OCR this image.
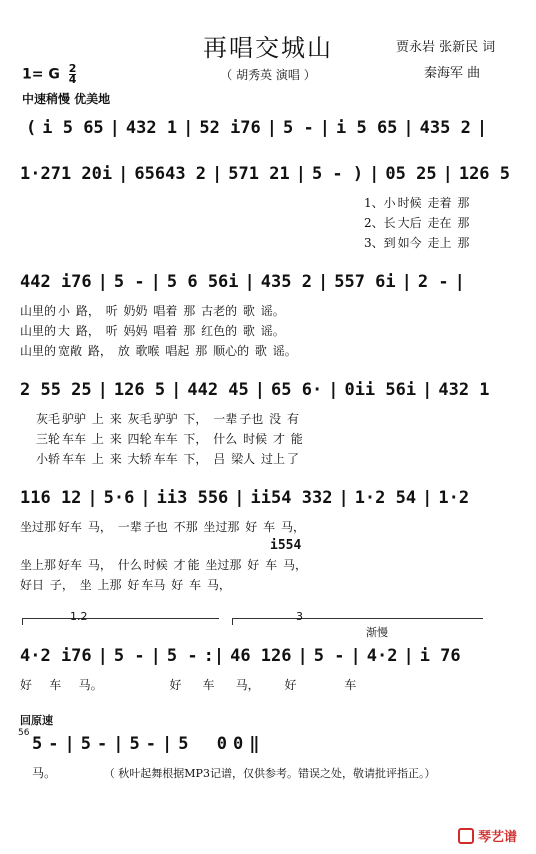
再唱交城山
（ 胡秀英 演唱 ）
贾永岩 张新民 词
秦海军 曲
1= G $\frac{2}{4}$
中速稍慢 优美地
( i 5 65 | 432 1 | 52 i76 | 5 - | i 5 65 | 435 2 |
1·271 20i | 65643 2 | 571 21 | 5 - ) | 05 25 | 126 5
1、小 时候 走着 那
2、长 大后 走在 那
3、到 如今 走上 那
442 i76 | 5 - | 5 6 56i | 435 2 | 557 6i | 2 - |
山里的 小 路， 听 奶奶 唱着 那 古老的 歌 谣。
山里的 大 路， 听 妈妈 唱着 那 红色的 歌 谣。
山里的 宽敞 路， 放 歌喉 唱起 那 顺心的 歌 谣。
2 55 25 | 126 5 | 442 45 | 65 6· | 0ii 56i | 432 1
灰毛 驴驴 上 来 灰毛 驴驴 下， 一辈 子也 没 有
三轮 车车 上 来 四轮 车车 下， 什么 时候 才 能
小轿 车车 上 来 大轿 车车 下， 吕 梁人 过上 了
116 12 | 5·6 | ii3 556 | ii54 332 | 1·2 54 | 1·2
坐过那 好车 马， 一辈 子也 不那 坐过那 好 车 马，
i554
坐上那 好车 马， 什么 时候 才 能 坐过那 好 车 马，
好日 子， 坐 上那 好 车马 好 车 马，
1.2	3
渐慢
4·2 i76 | 5 - | 5 - :| 46 126 | 5 - | 4·2 | i 76
好 车 马。	好 车 马， 好	车
回原速
56
5 - | 5 - | 5 - | 5 0 0 ‖
马。	（ 秋叶起舞根据MP3记谱，仅供参考。错误之处，敬请批评指正。）
琴艺谱
